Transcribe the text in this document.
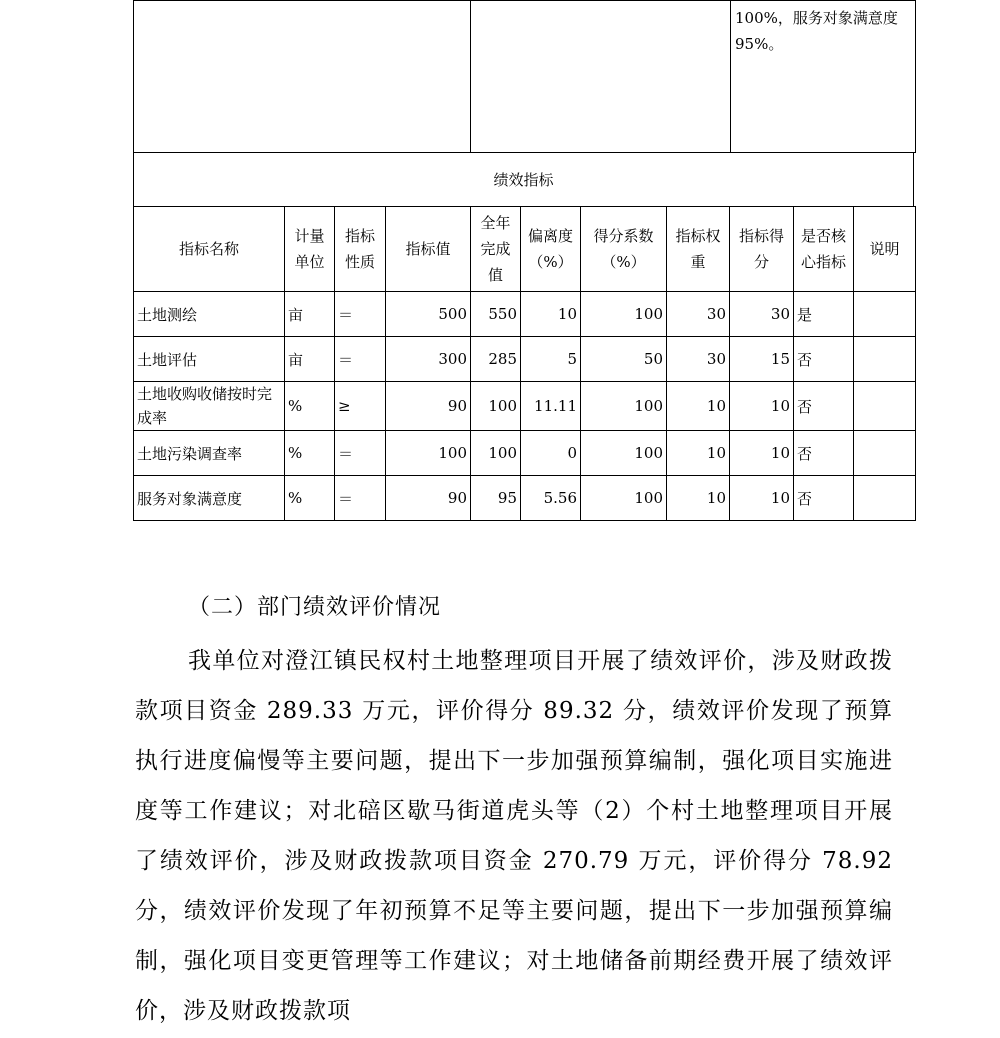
		100%，服务对象满意度 95%。
绩效指标
指标名称	计量单位	指标性质	指标值	全年完成值	偏离度（%）	得分系数（%）	指标权重	指标得分	是否核心指标	说明
土地测绘	亩	＝	500	550	10	100	30	30	是	
土地评估	亩	＝	300	285	5	50	30	15	否	
土地收购收储按时完成率	%	≥	90	100	11.11	100	10	10	否	
土地污染调查率	%	＝	100	100	0	100	10	10	否	
服务对象满意度	%	＝	90	95	5.56	100	10	10	否	
（二）部门绩效评价情况

我单位对澄江镇民权村土地整理项目开展了绩效评价，涉及财政拨款项目资金 289.33 万元，评价得分 89.32 分，绩效评价发现了预算执行进度偏慢等主要问题，提出下一步加强预算编制，强化项目实施进度等工作建议；对北碚区歇马街道虎头等（2）个村土地整理项目开展了绩效评价，涉及财政拨款项目资金 270.79 万元，评价得分 78.92 分，绩效评价发现了年初预算不足等主要问题，提出下一步加强预算编制，强化项目变更管理等工作建议；对土地储备前期经费开展了绩效评价，涉及财政拨款项
